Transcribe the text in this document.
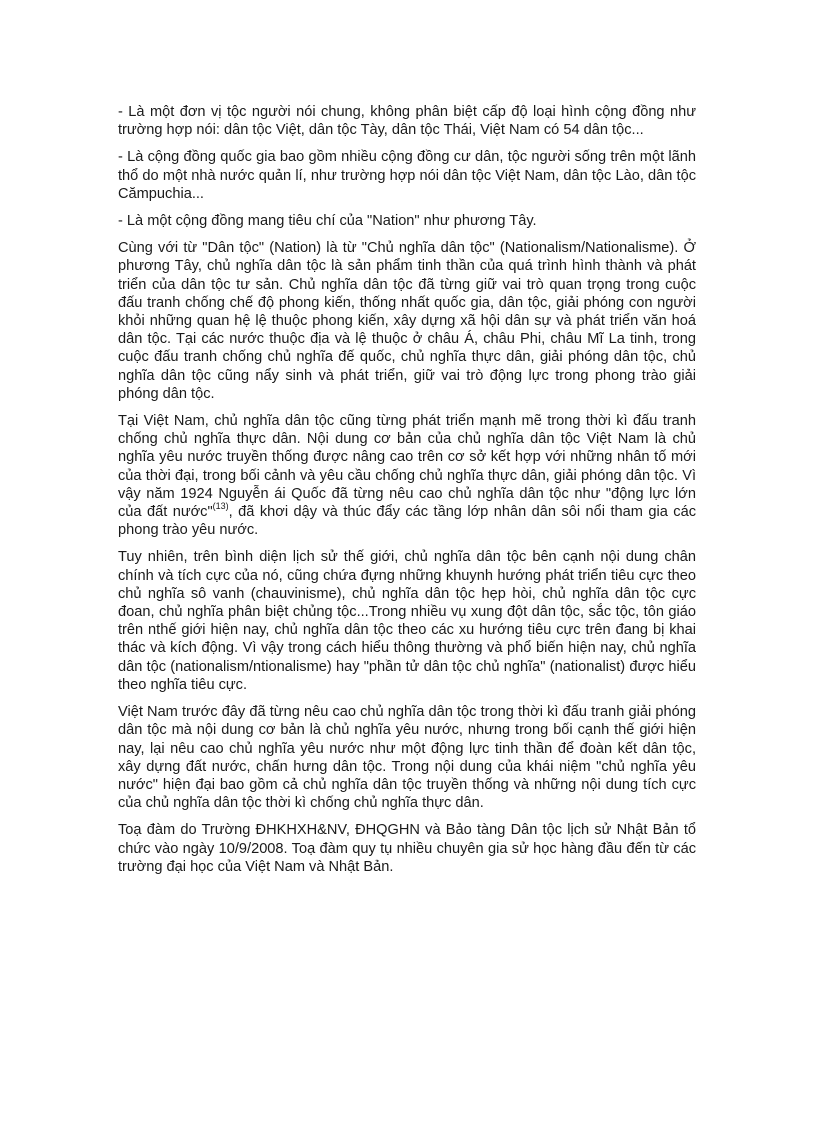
- Là một đơn vị tộc người nói chung, không phân biệt cấp độ loại hình cộng đồng như trường hợp nói: dân tộc Việt, dân tộc Tày, dân tộc Thái, Việt Nam có 54 dân tộc...

- Là cộng đồng quốc gia bao gồm nhiều cộng đồng cư dân, tộc người sống trên một lãnh thổ do một nhà nước quản lí, như trường hợp nói dân tộc Việt Nam, dân tộc Lào, dân tộc Cămpuchia...

- Là một cộng đồng mang tiêu chí của "Nation" như phương Tây.

Cùng với từ "Dân tộc" (Nation) là từ "Chủ nghĩa dân tộc" (Nationalism/Nationalisme). Ở phương Tây, chủ nghĩa dân tộc là sản phẩm tinh thần của quá trình hình thành và phát triển của dân tộc tư sản. Chủ nghĩa dân tộc đã từng giữ vai trò quan trọng trong cuộc đấu tranh chống chế độ phong kiến, thống nhất quốc gia, dân tộc, giải phóng con người khỏi những quan hệ lệ thuộc phong kiến, xây dựng xã hội dân sự và phát triển văn hoá dân tộc. Tại các nước thuộc địa và lệ thuộc ở châu Á, châu Phi, châu Mĩ La tinh, trong cuộc đấu tranh chống chủ nghĩa đế quốc, chủ nghĩa thực dân, giải phóng dân tộc, chủ nghĩa dân tộc cũng nẩy sinh và phát triển, giữ vai trò động lực trong phong trào giải phóng dân tộc.

Tại Việt Nam, chủ nghĩa dân tộc cũng từng phát triển mạnh mẽ trong thời kì đấu tranh chống chủ nghĩa thực dân. Nội dung cơ bản của chủ nghĩa dân tộc Việt Nam là chủ nghĩa yêu nước truyền thống được nâng cao trên cơ sở kết hợp với những nhân tố mới của thời đại, trong bối cảnh và yêu cầu chống chủ nghĩa thực dân, giải phóng dân tộc. Vì vậy năm 1924 Nguyễn ái Quốc đã từng nêu cao chủ nghĩa dân tộc như "động lực lớn của đất nước"$^{(13)}$, đã khơi dậy và thúc đẩy các tầng lớp nhân dân sôi nổi tham gia các phong trào yêu nước.

Tuy nhiên, trên bình diện lịch sử thế giới, chủ nghĩa dân tộc bên cạnh nội dung chân chính và tích cực của nó, cũng chứa đựng những khuynh hướng phát triển tiêu cực theo chủ nghĩa sô vanh (chauvinisme), chủ nghĩa dân tộc hẹp hòi, chủ nghĩa dân tộc cực đoan, chủ nghĩa phân biệt chủng tộc...Trong nhiều vụ xung đột dân tộc, sắc tộc, tôn giáo trên nthế giới hiện nay, chủ nghĩa dân tộc theo các xu hướng tiêu cực trên đang bị khai thác và kích động. Vì vậy trong cách hiểu thông thường và phổ biến hiện nay, chủ nghĩa dân tộc (nationalism/ntionalisme) hay "phần tử dân tộc chủ nghĩa" (nationalist) được hiểu theo nghĩa tiêu cực.

Việt Nam trước đây đã từng nêu cao chủ nghĩa dân tộc trong thời kì đấu tranh giải phóng dân tộc mà nội dung cơ bản là chủ nghĩa yêu nước, nhưng trong bối cạnh thế giới hiện nay, lại nêu cao chủ nghĩa yêu nước như một động lực tinh thần để đoàn kết dân tộc, xây dựng đất nước, chấn hưng dân tộc. Trong nội dung của khái niệm "chủ nghĩa yêu nước" hiện đại bao gồm cả chủ nghĩa dân tộc truyền thống và những nội dung tích cực của chủ nghĩa dân tộc thời kì chống chủ nghĩa thực dân.

Toạ đàm do Trường ĐHKHXH&NV, ĐHQGHN và Bảo tàng Dân tộc lịch sử Nhật Bản tổ chức vào ngày 10/9/2008. Toạ đàm quy tụ nhiều chuyên gia sử học hàng đầu đến từ các trường đại học của Việt Nam và Nhật Bản.
